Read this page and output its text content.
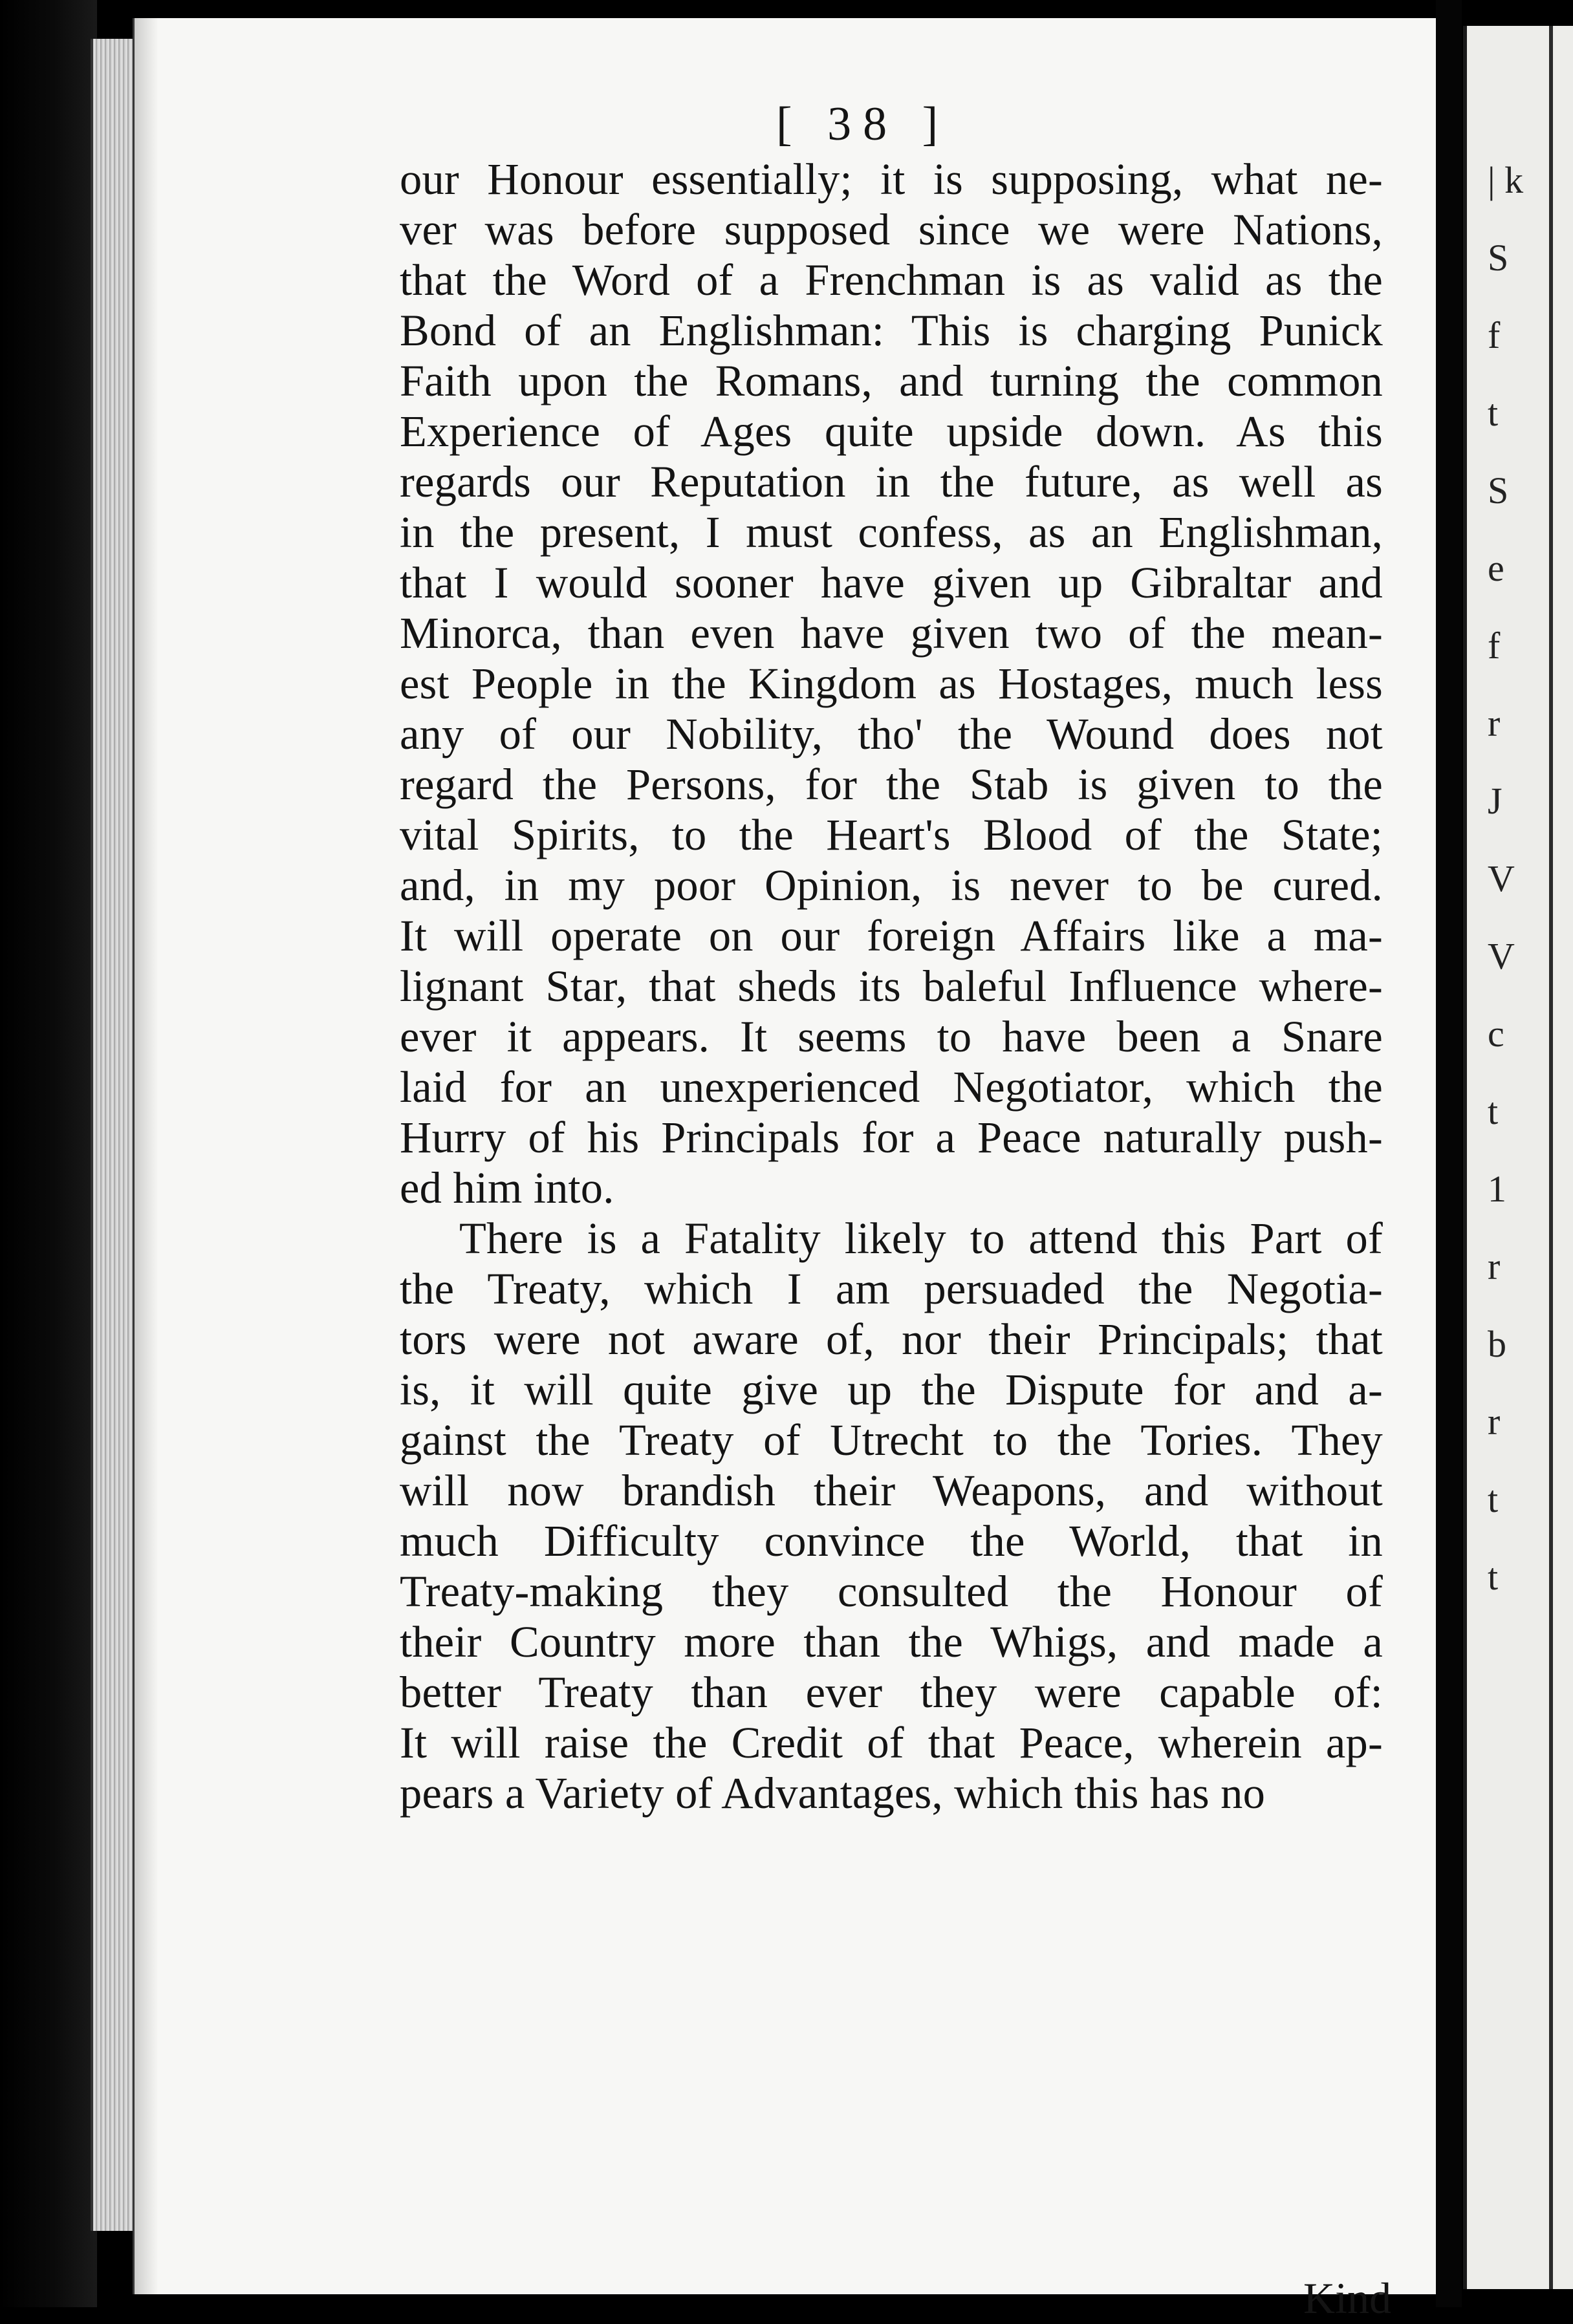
| k
S
f
t
S
e
f
r
J
V
V
c
t
1
r
b
r
t
t
[ 38 ]
our Honour essentially; it is supposing, what ne-
ver was before supposed since we were Nations,
that the Word of a Frenchman is as valid as the
Bond of an Englishman: This is charging Punick
Faith upon the Romans, and turning the common
Experience of Ages quite upside down. As this
regards our Reputation in the future, as well as
in the present, I must confess, as an Englishman,
that I would sooner have given up Gibraltar and
Minorca, than even have given two of the mean-
est People in the Kingdom as Hostages, much less
any of our Nobility, tho' the Wound does not
regard the Persons, for the Stab is given to the
vital Spirits, to the Heart's Blood of the State;
and, in my poor Opinion, is never to be cured.
It will operate on our foreign Affairs like a ma-
lignant Star, that sheds its baleful Influence where-
ever it appears. It seems to have been a Snare
laid for an unexperienced Negotiator, which the
Hurry of his Principals for a Peace naturally push-
ed him into.
There is a Fatality likely to attend this Part of
the Treaty, which I am persuaded the Negotia-
tors were not aware of, nor their Principals; that
is, it will quite give up the Dispute for and a-
gainst the Treaty of Utrecht to the Tories. They
will now brandish their Weapons, and without
much Difficulty convince the World, that in
Treaty-making they consulted the Honour of
their Country more than the Whigs, and made a
better Treaty than ever they were capable of:
It will raise the Credit of that Peace, wherein ap-
pears a Variety of Advantages, which this has no
Kind
